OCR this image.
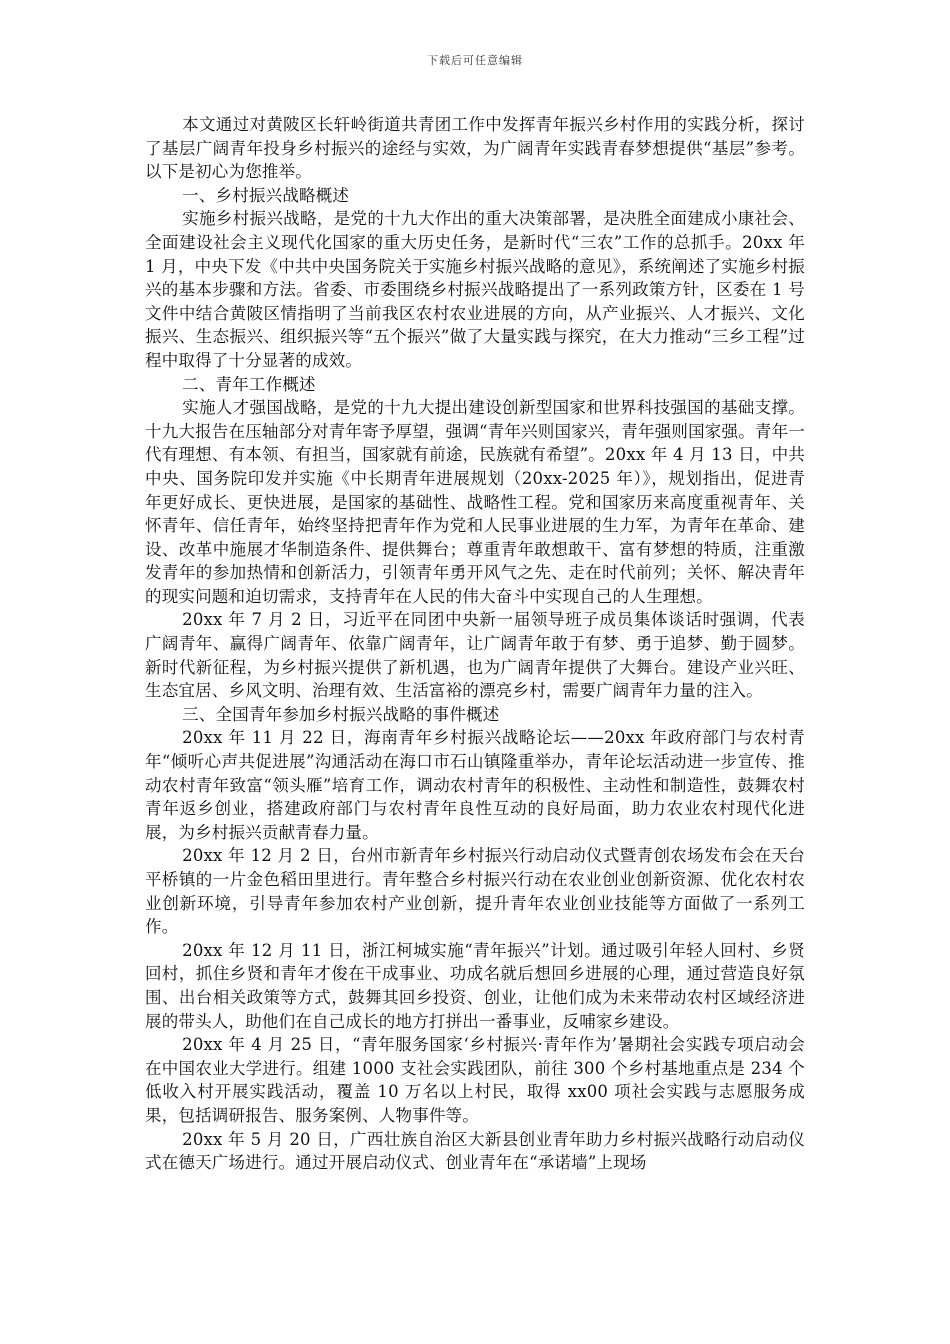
下载后可任意编辑

本文通过对黄陂区长轩岭街道共青团工作中发挥青年振兴乡村作用的实践分析，探讨了基层广阔青年投身乡村振兴的途经与实效，为广阔青年实践青春梦想提供“基层”参考。以下是初心为您推举。

一、乡村振兴战略概述

实施乡村振兴战略，是党的十九大作出的重大决策部署，是决胜全面建成小康社会、全面建设社会主义现代化国家的重大历史任务，是新时代“三农”工作的总抓手。20xx 年 1 月，中央下发《中共中央国务院关于实施乡村振兴战略的意见》，系统阐述了实施乡村振兴的基本步骤和方法。省委、市委围绕乡村振兴战略提出了一系列政策方针，区委在 1 号文件中结合黄陂区情指明了当前我区农村农业进展的方向，从产业振兴、人才振兴、文化振兴、生态振兴、组织振兴等“五个振兴”做了大量实践与探究，在大力推动“三乡工程”过程中取得了十分显著的成效。

二、青年工作概述

实施人才强国战略，是党的十九大提出建设创新型国家和世界科技强国的基础支撑。十九大报告在压轴部分对青年寄予厚望，强调“青年兴则国家兴，青年强则国家强。青年一代有理想、有本领、有担当，国家就有前途，民族就有希望”。20xx 年 4 月 13 日，中共中央、国务院印发并实施《中长期青年进展规划（20xx-2025 年）》，规划指出，促进青年更好成长、更快进展，是国家的基础性、战略性工程。党和国家历来高度重视青年、关怀青年、信任青年，始终坚持把青年作为党和人民事业进展的生力军，为青年在革命、建设、改革中施展才华制造条件、提供舞台；尊重青年敢想敢干、富有梦想的特质，注重激发青年的参加热情和创新活力，引领青年勇开风气之先、走在时代前列；关怀、解决青年的现实问题和迫切需求，支持青年在人民的伟大奋斗中实现自己的人生理想。

20xx 年 7 月 2 日，习近平在同团中央新一届领导班子成员集体谈话时强调，代表广阔青年、赢得广阔青年、依靠广阔青年，让广阔青年敢于有梦、勇于追梦、勤于圆梦。新时代新征程，为乡村振兴提供了新机遇，也为广阔青年提供了大舞台。建设产业兴旺、生态宜居、乡风文明、治理有效、生活富裕的漂亮乡村，需要广阔青年力量的注入。

三、全国青年参加乡村振兴战略的事件概述

20xx 年 11 月 22 日，海南青年乡村振兴战略论坛——20xx 年政府部门与农村青年“倾听心声共促进展”沟通活动在海口市石山镇隆重举办，青年论坛活动进一步宣传、推动农村青年致富“领头雁”培育工作，调动农村青年的积极性、主动性和制造性，鼓舞农村青年返乡创业，搭建政府部门与农村青年良性互动的良好局面，助力农业农村现代化进展，为乡村振兴贡献青春力量。

20xx 年 12 月 2 日，台州市新青年乡村振兴行动启动仪式暨青创农场发布会在天台平桥镇的一片金色稻田里进行。青年整合乡村振兴行动在农业创业创新资源、优化农村农业创新环境，引导青年参加农村产业创新，提升青年农业创业技能等方面做了一系列工作。

20xx 年 12 月 11 日，浙江柯城实施“青年振兴”计划。通过吸引年轻人回村、乡贤回村，抓住乡贤和青年才俊在干成事业、功成名就后想回乡进展的心理，通过营造良好氛围、出台相关政策等方式，鼓舞其回乡投资、创业，让他们成为未来带动农村区域经济进展的带头人，助他们在自己成长的地方打拼出一番事业，反哺家乡建设。

20xx 年 4 月 25 日，“青年服务国家‘乡村振兴·青年作为’暑期社会实践专项启动会在中国农业大学进行。组建 1000 支社会实践团队，前往 300 个乡村基地重点是 234 个低收入村开展实践活动，覆盖 10 万名以上村民，取得 xx00 项社会实践与志愿服务成果，包括调研报告、服务案例、人物事件等。

20xx 年 5 月 20 日，广西壮族自治区大新县创业青年助力乡村振兴战略行动启动仪式在德天广场进行。通过开展启动仪式、创业青年在“承诺墙”上现场
